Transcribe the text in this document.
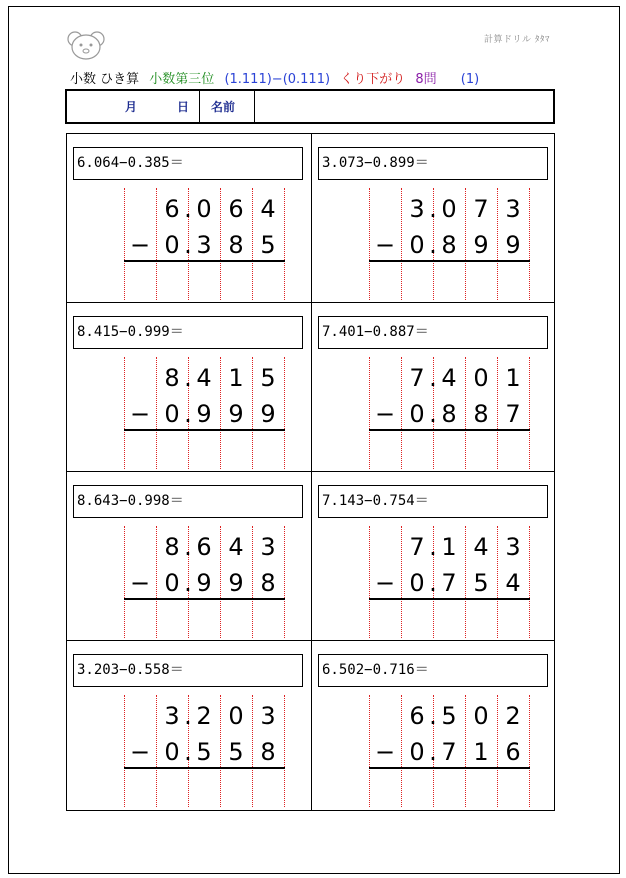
計算ドリル ﾀﾀﾏ
小数 ひき算 小数第三位 (1.111)−(0.111) くり下がり 8問 (1)
月	日 名前
6.064−0.385＝
6 0 6 4
0 3 8 5
−
.
.
3.073−0.899＝
3 0 7 3
0 8 9 9
−
.
.
8.415−0.999＝
8 4 1 5
0 9 9 9
−
.
.
7.401−0.887＝
7 4 0 1
0 8 8 7
−
.
.
8.643−0.998＝
8 6 4 3
0 9 9 8
−
.
.
7.143−0.754＝
7 1 4 3
0 7 5 4
−
.
.
3.203−0.558＝
3 2 0 3
0 5 5 8
−
.
.
6.502−0.716＝
6 5 0 2
0 7 1 6
−
.
.
